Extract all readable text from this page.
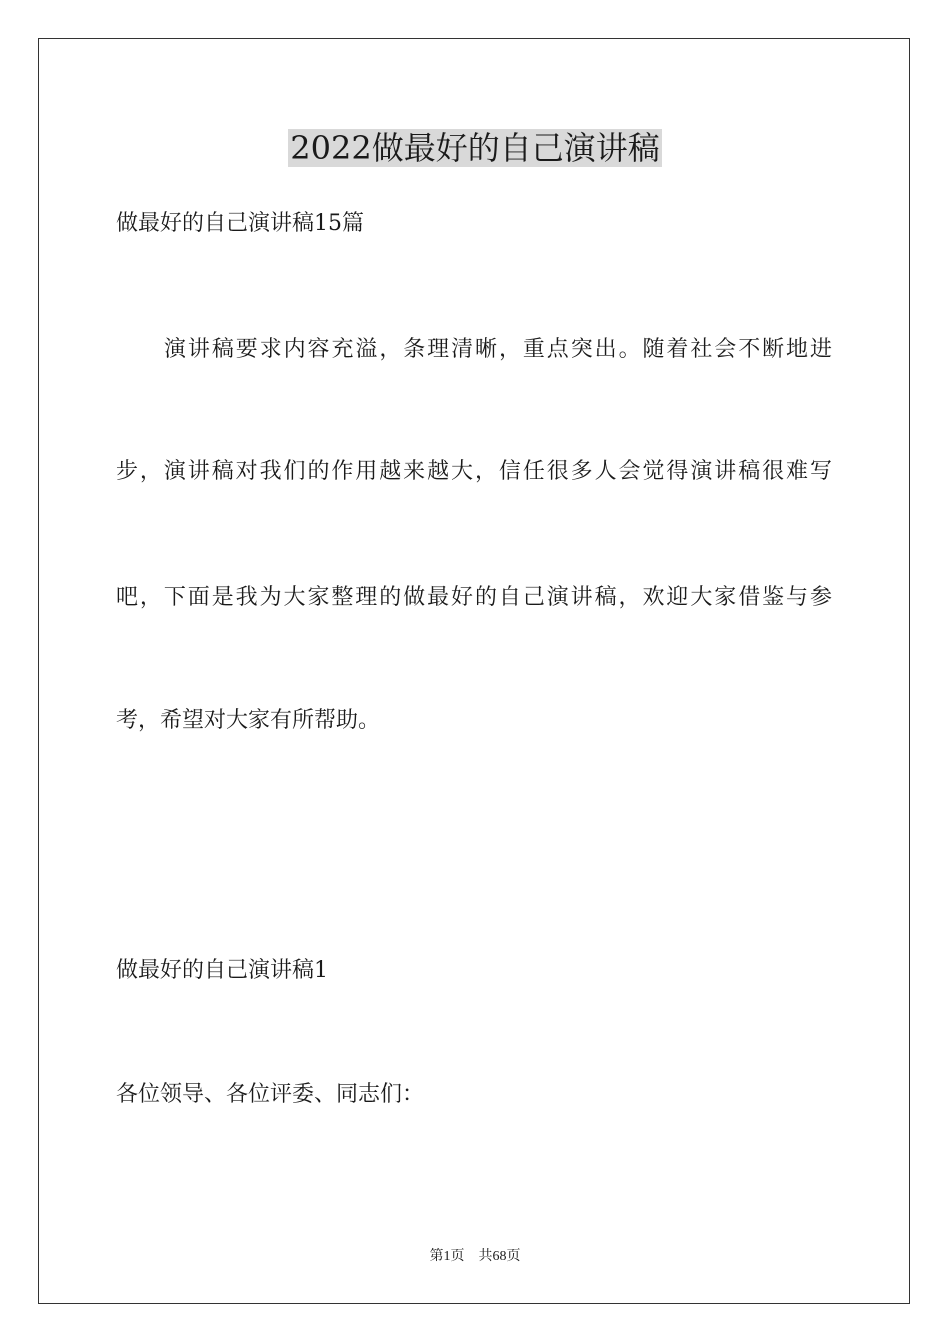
2022做最好的自己演讲稿
做最好的自己演讲稿15篇
演讲稿要求内容充溢，条理清晰，重点突出。随着社会不断地进
步，演讲稿对我们的作用越来越大，信任很多人会觉得演讲稿很难写
吧，下面是我为大家整理的做最好的自己演讲稿，欢迎大家借鉴与参
考，希望对大家有所帮助。
做最好的自己演讲稿1
各位领导、各位评委、同志们：
第1页 共68页
